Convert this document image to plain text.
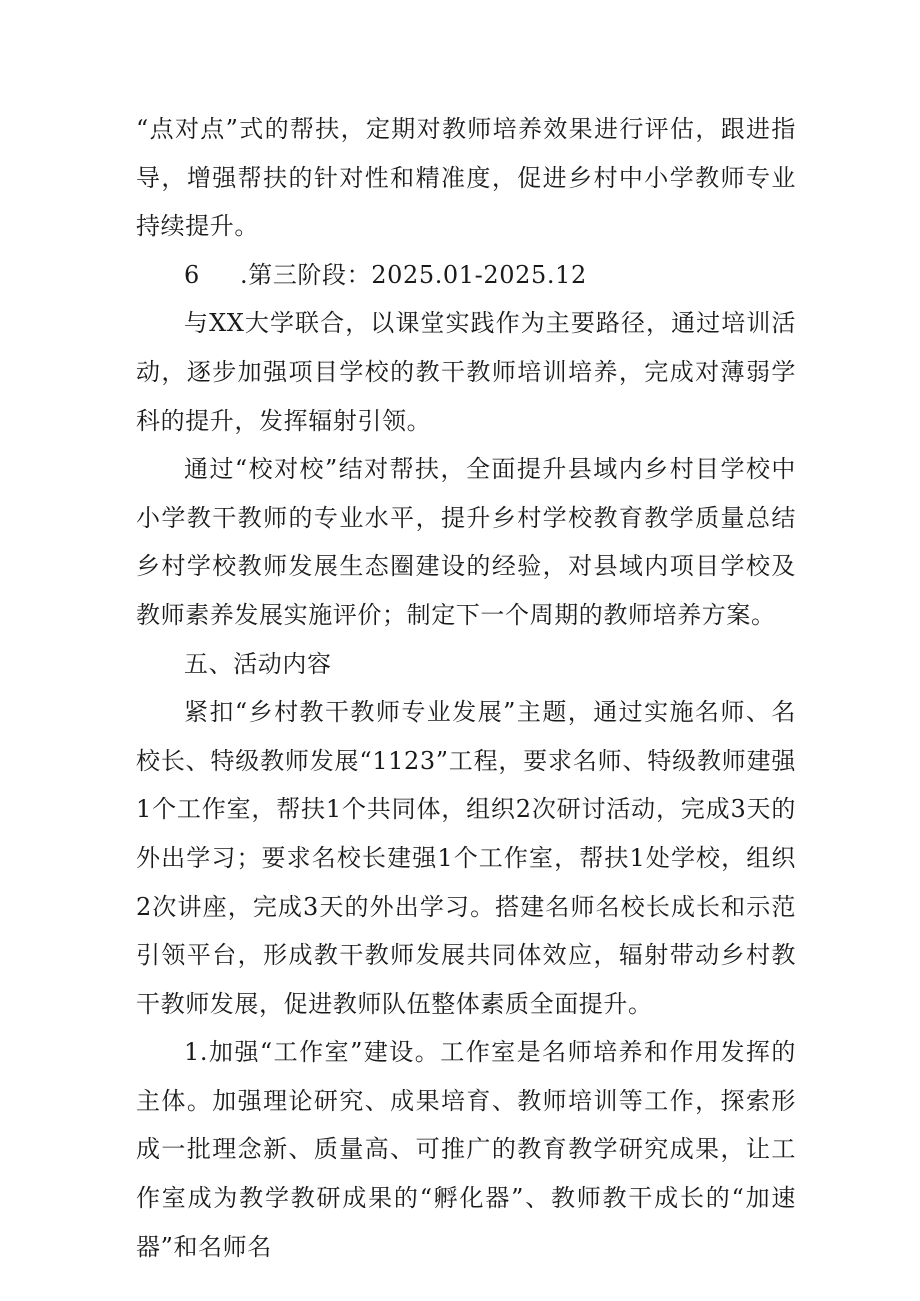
“点对点”式的帮扶，定期对教师培养效果进行评估，跟进指导，增强帮扶的针对性和精准度，促进乡村中小学教师专业持续提升。

6 .第三阶段：2025.01-2025.12

与XX大学联合，以课堂实践作为主要路径，通过培训活动，逐步加强项目学校的教干教师培训培养，完成对薄弱学科的提升，发挥辐射引领。

通过“校对校”结对帮扶，全面提升县域内乡村目学校中小学教干教师的专业水平，提升乡村学校教育教学质量总结乡村学校教师发展生态圈建设的经验，对县域内项目学校及教师素养发展实施评价；制定下一个周期的教师培养方案。

五、活动内容

紧扣“乡村教干教师专业发展”主题，通过实施名师、名校长、特级教师发展“1123”工程，要求名师、特级教师建强1个工作室，帮扶1个共同体，组织2次研讨活动，完成3天的外出学习；要求名校长建强1个工作室，帮扶1处学校，组织2次讲座，完成3天的外出学习。搭建名师名校长成长和示范引领平台，形成教干教师发展共同体效应，辐射带动乡村教干教师发展，促进教师队伍整体素质全面提升。

1.加强“工作室”建设。工作室是名师培养和作用发挥的主体。加强理论研究、成果培育、教师培训等工作，探索形成一批理念新、质量高、可推广的教育教学研究成果，让工作室成为教学教研成果的“孵化器”、教师教干成长的“加速器”和名师名
